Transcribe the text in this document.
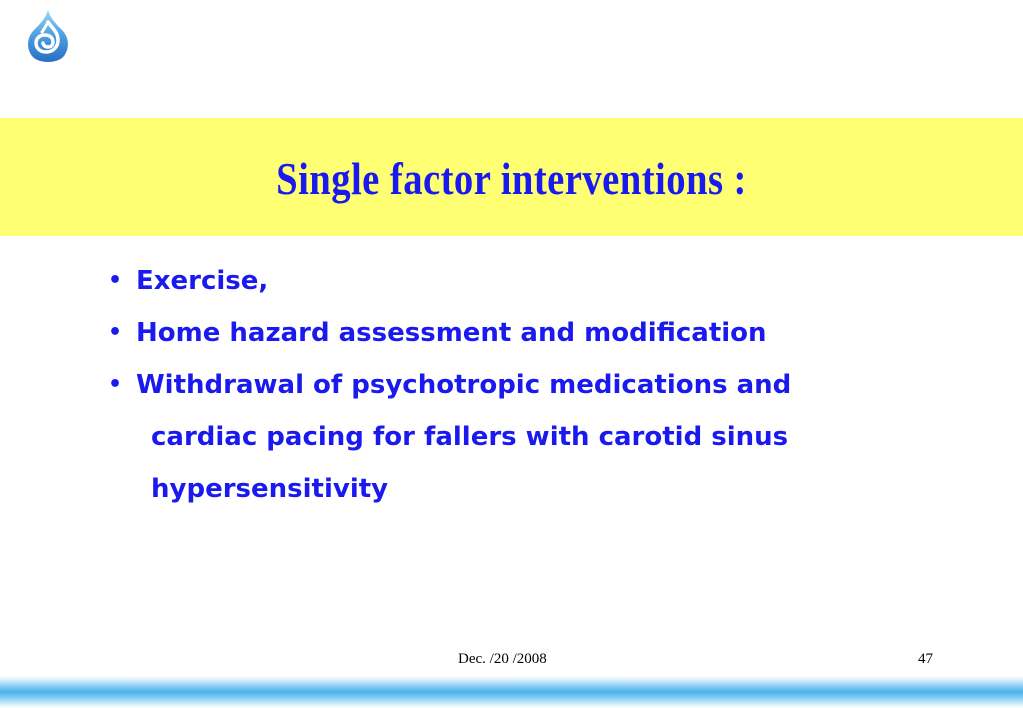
Single factor interventions :
• Exercise,
• Home hazard assessment and modification
• Withdrawal of psychotropic medications and
cardiac pacing for fallers with carotid sinus
hypersensitivity
Dec. /20 /2008	47
